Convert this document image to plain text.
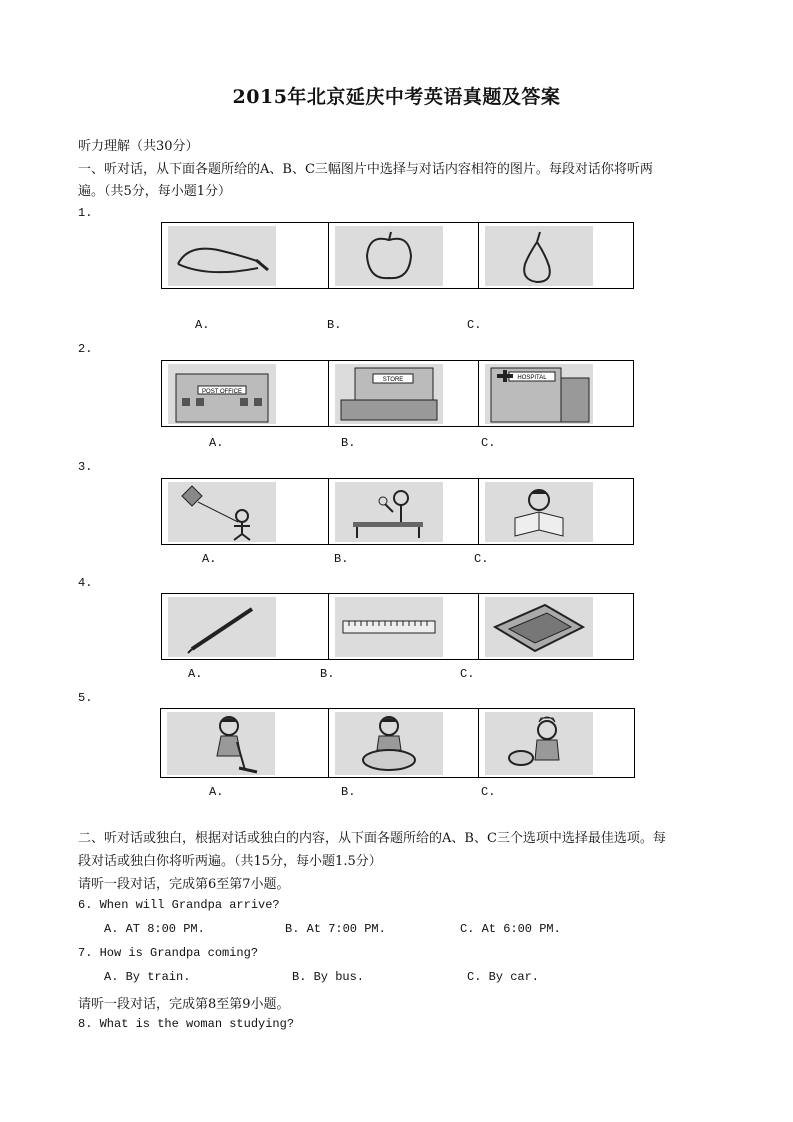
2015年北京延庆中考英语真题及答案
听力理解（共30分）
一、听对话，从下面各题所给的A、B、C三幅图片中选择与对话内容相符的图片。每段对话你将听两
遍。（共5分，每小题1分）
1.
A.	B.	C.
2.
POST OFFICE
STORE	HOSPITAL
A.	B.	C.
3.
A.	B.	C.
4.
A.	B.	C.
5.
A.	B.	C.
二、听对话或独白，根据对话或独白的内容，从下面各题所给的A、B、C三个选项中选择最佳选项。每
段对话或独白你将听两遍。（共15分，每小题1.5分）
请听一段对话，完成第6至第7小题。
6. When will Grandpa arrive?
A. AT 8:00 PM.	B. At 7:00 PM.	C. At 6:00 PM.
7. How is Grandpa coming?
A. By train.	B. By bus.	C. By car.
请听一段对话，完成第8至第9小题。
8. What is the woman studying?
